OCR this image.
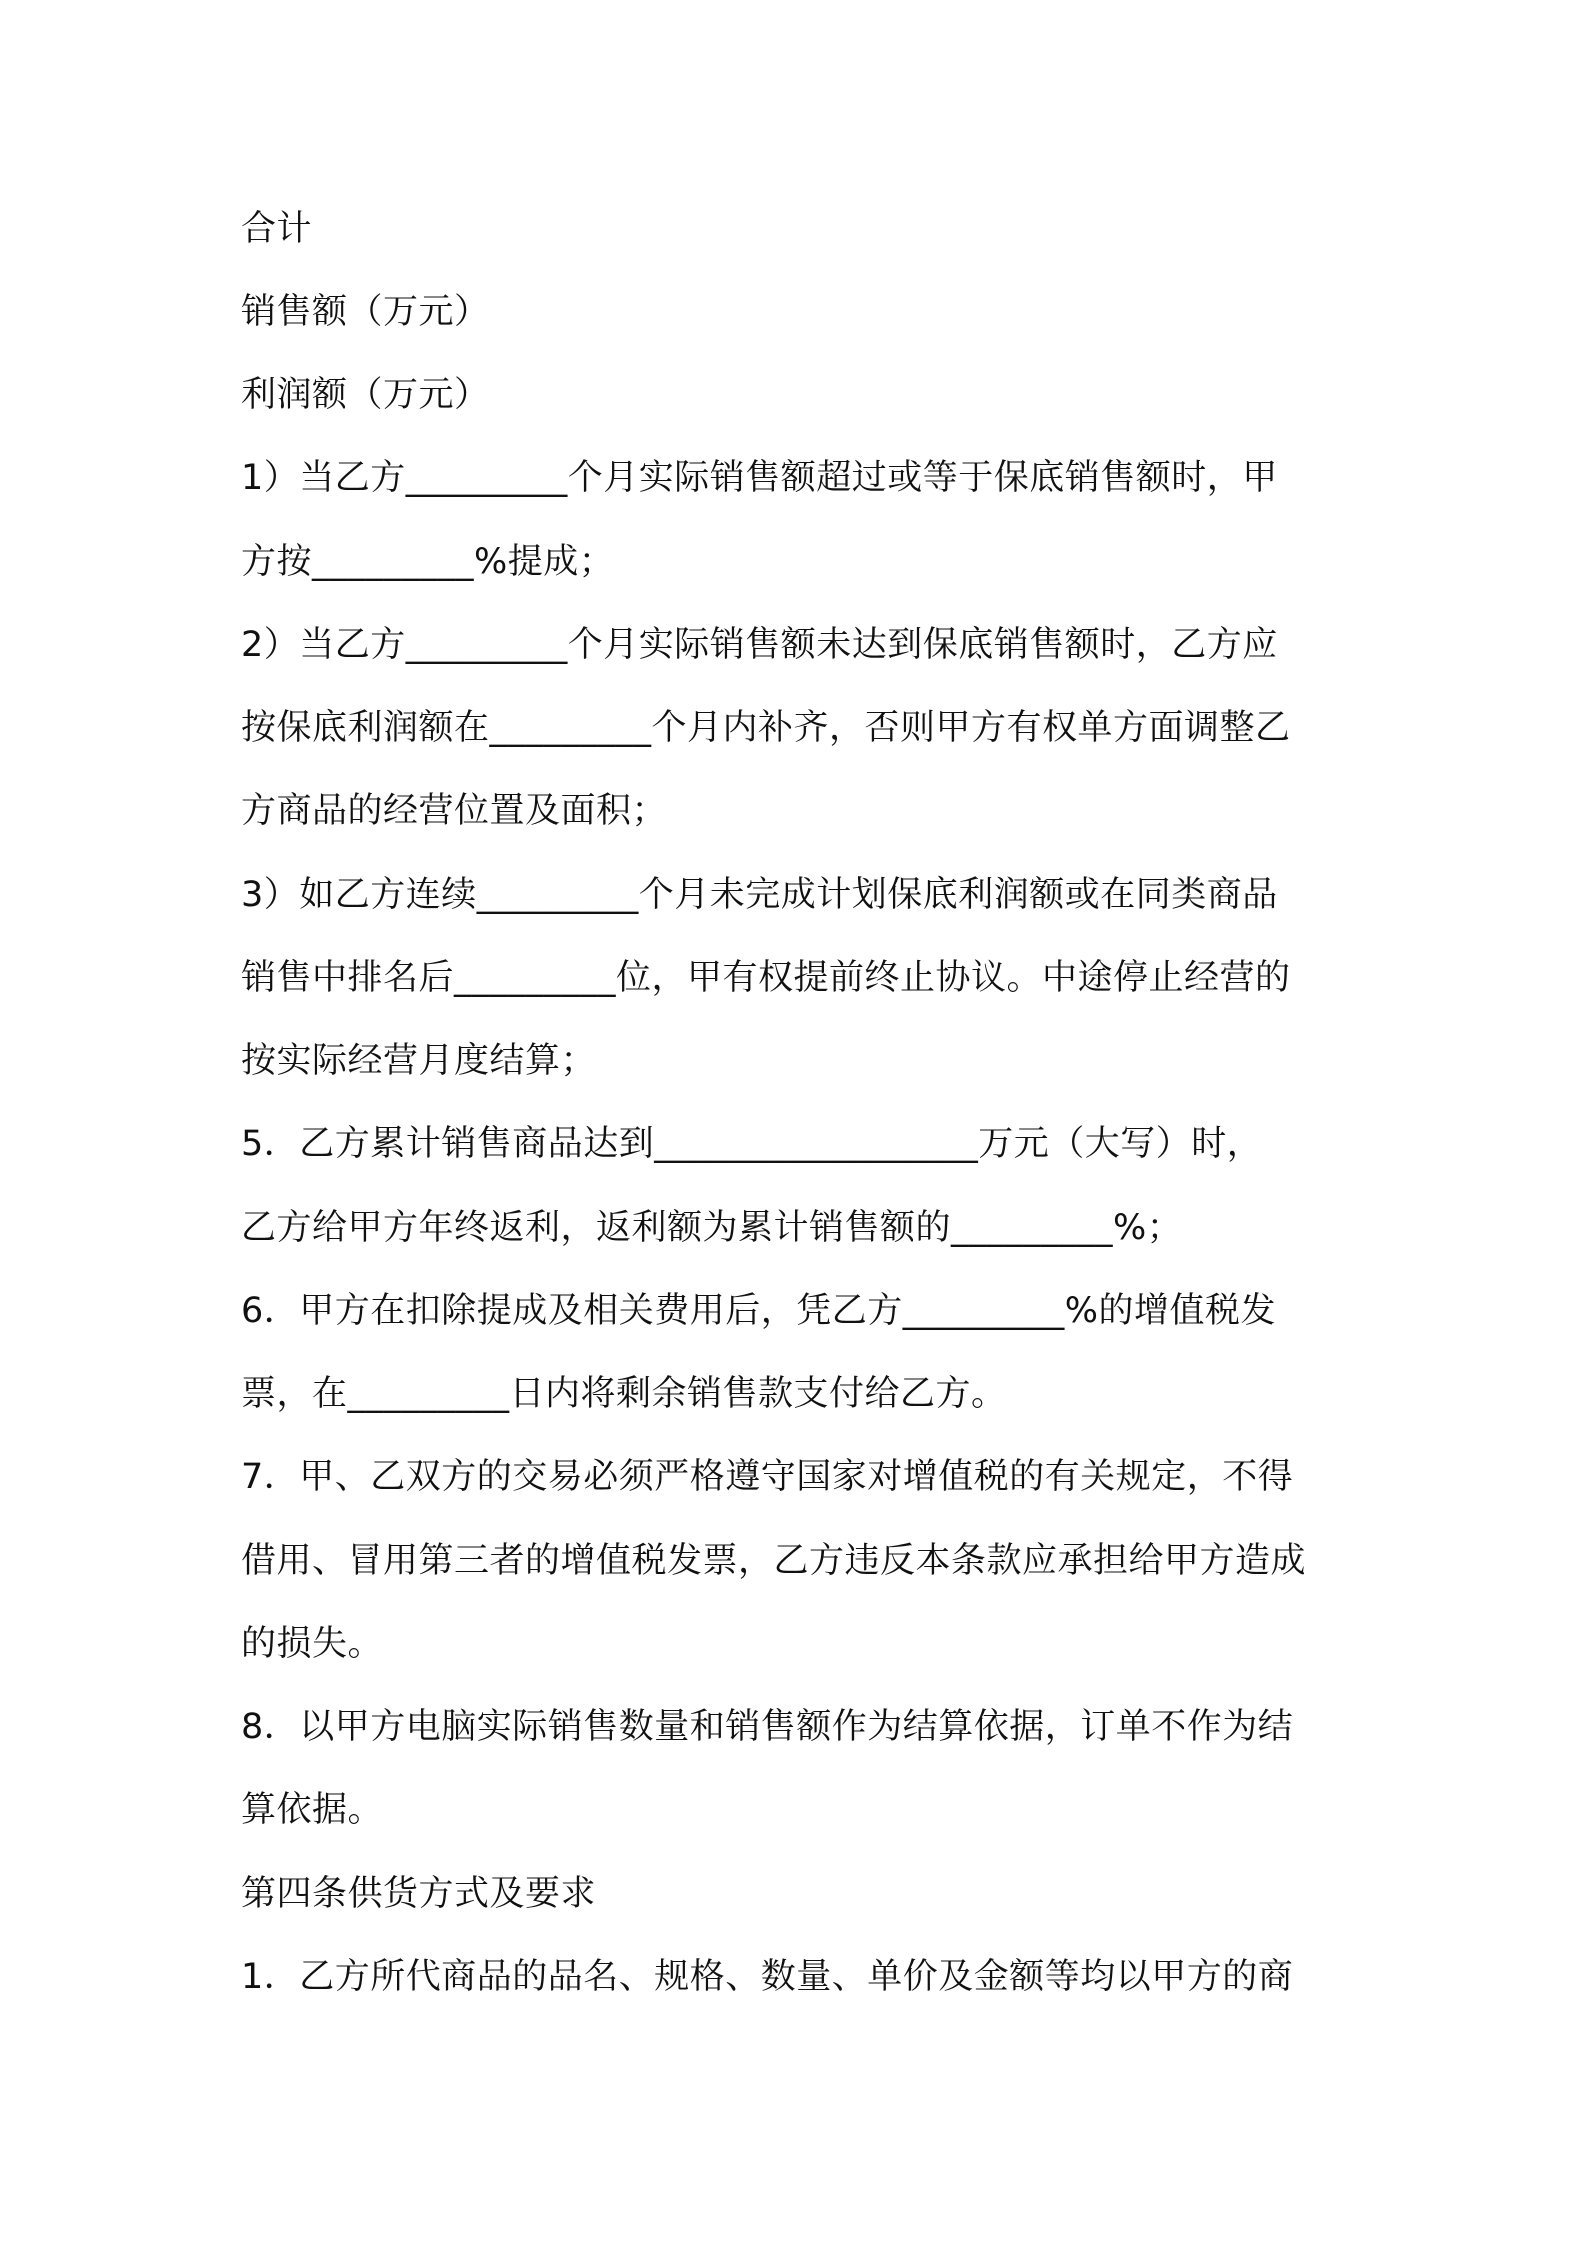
合计
销售额（万元）
利润额（万元）
1）当乙方_________个月实际销售额超过或等于保底销售额时，甲
方按_________%提成；
2）当乙方_________个月实际销售额未达到保底销售额时，乙方应
按保底利润额在_________个月内补齐，否则甲方有权单方面调整乙
方商品的经营位置及面积；
3）如乙方连续_________个月未完成计划保底利润额或在同类商品
销售中排名后_________位，甲有权提前终止协议。中途停止经营的
按实际经营月度结算；
5．乙方累计销售商品达到__________________万元（大写）时，
乙方给甲方年终返利，返利额为累计销售额的_________%；
6．甲方在扣除提成及相关费用后，凭乙方_________%的增值税发
票，在_________日内将剩余销售款支付给乙方。
7．甲、乙双方的交易必须严格遵守国家对增值税的有关规定，不得
借用、冒用第三者的增值税发票，乙方违反本条款应承担给甲方造成
的损失。
8．以甲方电脑实际销售数量和销售额作为结算依据，订单不作为结
算依据。
第四条供货方式及要求
1．乙方所代商品的品名、规格、数量、单价及金额等均以甲方的商
